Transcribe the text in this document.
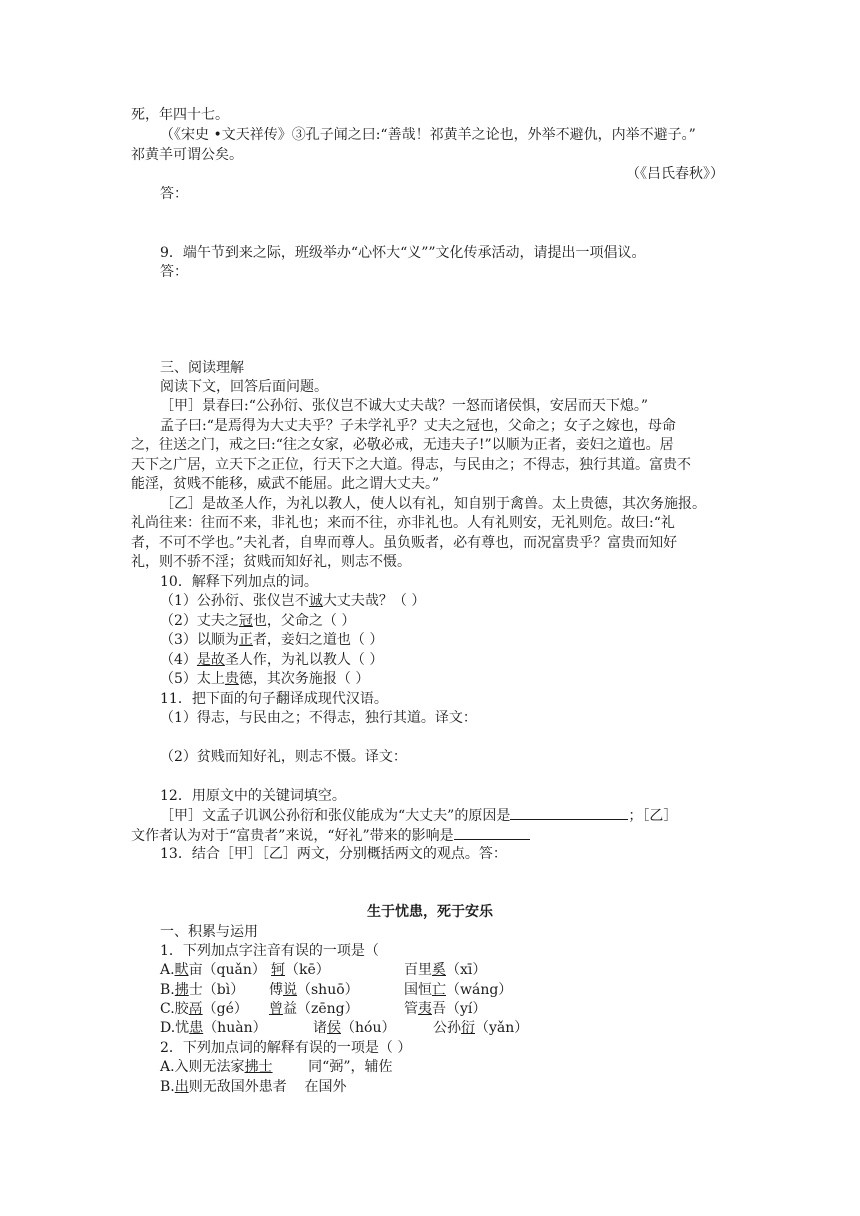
死，年四十七。
（《宋史 •文天祥传》③孔子闻之曰:“善哉！祁黄羊之论也，外举不避仇，内举不避子。”
祁黄羊可谓公矣。
（《吕氏春秋》）
答：
9．端午节到来之际，班级举办“心怀大“义””文化传承活动，请提出一项倡议。
答：
三、阅读理解
阅读下文，回答后面问题。
［甲］景春曰:“公孙衍、张仪岂不诚大丈夫哉？一怒而诸侯惧，安居而天下熄。”
孟子曰:“是焉得为大丈夫乎？子未学礼乎？丈夫之冠也，父命之；女子之嫁也，母命
之，往送之门，戒之曰:“往之女家，必敬必戒，无违夫子!”以顺为正者，妾妇之道也。居
天下之广居，立天下之正位，行天下之大道。得志，与民由之；不得志，独行其道。富贵不
能淫，贫贱不能移，威武不能屈。此之谓大丈夫。”
［乙］是故圣人作，为礼以教人，使人以有礼，知自别于禽兽。太上贵德，其次务施报。
礼尚往来：往而不来，非礼也；来而不往，亦非礼也。人有礼则安，无礼则危。故曰:“礼
者，不可不学也。”夫礼者，自卑而尊人。虽负贩者，必有尊也，而况富贵乎？富贵而知好
礼，则不骄不淫；贫贱而知好礼，则志不慑。
10．解释下列加点的词。
（1）公孙衍、张仪岂不诚大丈夫哉？（ ）
（2）丈夫之冠也，父命之（ ）
（3）以顺为正者，妾妇之道也（ ）
（4）是故圣人作，为礼以教人（ ）
（5）太上贵德，其次务施报（ ）
11．把下面的句子翻译成现代汉语。
（1）得志，与民由之；不得志，独行其道。译文：
（2）贫贱而知好礼，则志不慑。译文：
12．用原文中的关键词填空。
［甲］文孟子讥讽公孙衍和张仪能成为“大丈夫”的原因是	；［乙］
文作者认为对于“富贵者”来说，“好礼”带来的影响是
13．结合［甲］［乙］两文，分别概括两文的观点。答：
生于忧患，死于安乐
一、积累与运用
1．下列加点字注音有误的一项是（
A.畎亩（quǎn） 轲（kē）	百里奚（xī）
B.拂士（bì） 傅说（shuō）	国恒亡（wáng）
C.胶鬲（gé） 曾益（zēng）	管夷吾（yí）
D.忧患（huàn）	诸侯（hóu）	公孙衍（yǎn）
2．下列加点词的解释有误的一项是（ ）
A.入则无法家拂士        同“弼”，辅佐
B.出则无敌国外患者    在国外
